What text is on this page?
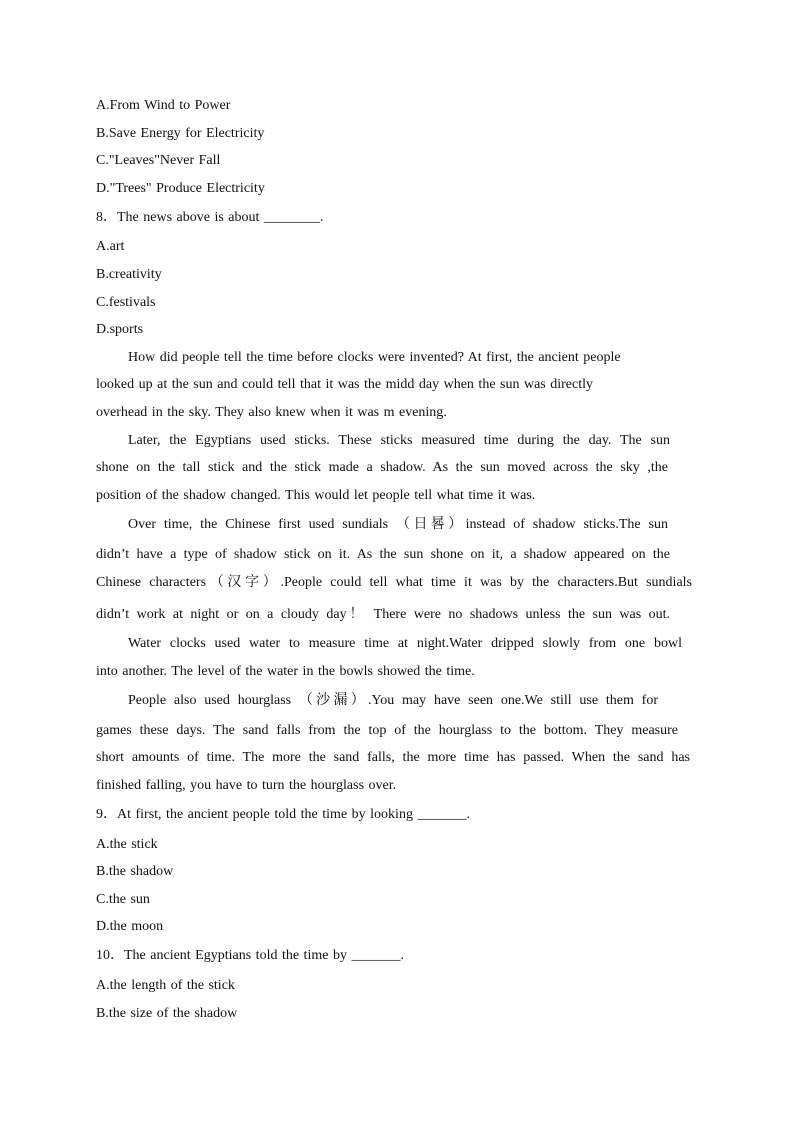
A.From Wind to Power
B.Save Energy for Electricity
C."Leaves"Never Fall
D."Trees" Produce Electricity
8．The news above is about ________.
A.art
B.creativity
C.festivals
D.sports
How did people tell the time before clocks were invented? At first, the ancient people
looked up at the sun and could tell that it was the midd day when the sun was directly
overhead in the sky. They also knew when it was m evening.
Later, the Egyptians used sticks. These sticks measured time during the day. The sun
shone on the tall stick and the stick made a shadow. As the sun moved across the sky ,the
position of the shadow changed. This would let people tell what time it was.
Over time, the Chinese first used sundials （日晷）instead of shadow sticks.The sun
didn’t have a type of shadow stick on it. As the sun shone on it, a shadow appeared on the
Chinese characters（汉字）.People could tell what time it was by the characters.But sundials
didn’t work at night or on a cloudy day！ There were no shadows unless the sun was out.
Water clocks used water to measure time at night.Water dripped slowly from one bowl
into another. The level of the water in the bowls showed the time.
People also used hourglass （沙漏）.You may have seen one.We still use them for
games these days. The sand falls from the top of the hourglass to the bottom. They measure
short amounts of time. The more the sand falls, the more time has passed. When the sand has
finished falling, you have to turn the hourglass over.
9．At first, the ancient people told the time by looking _______.
A.the stick
B.the shadow
C.the sun
D.the moon
10．The ancient Egyptians told the time by _______.
A.the length of the stick
B.the size of the shadow
